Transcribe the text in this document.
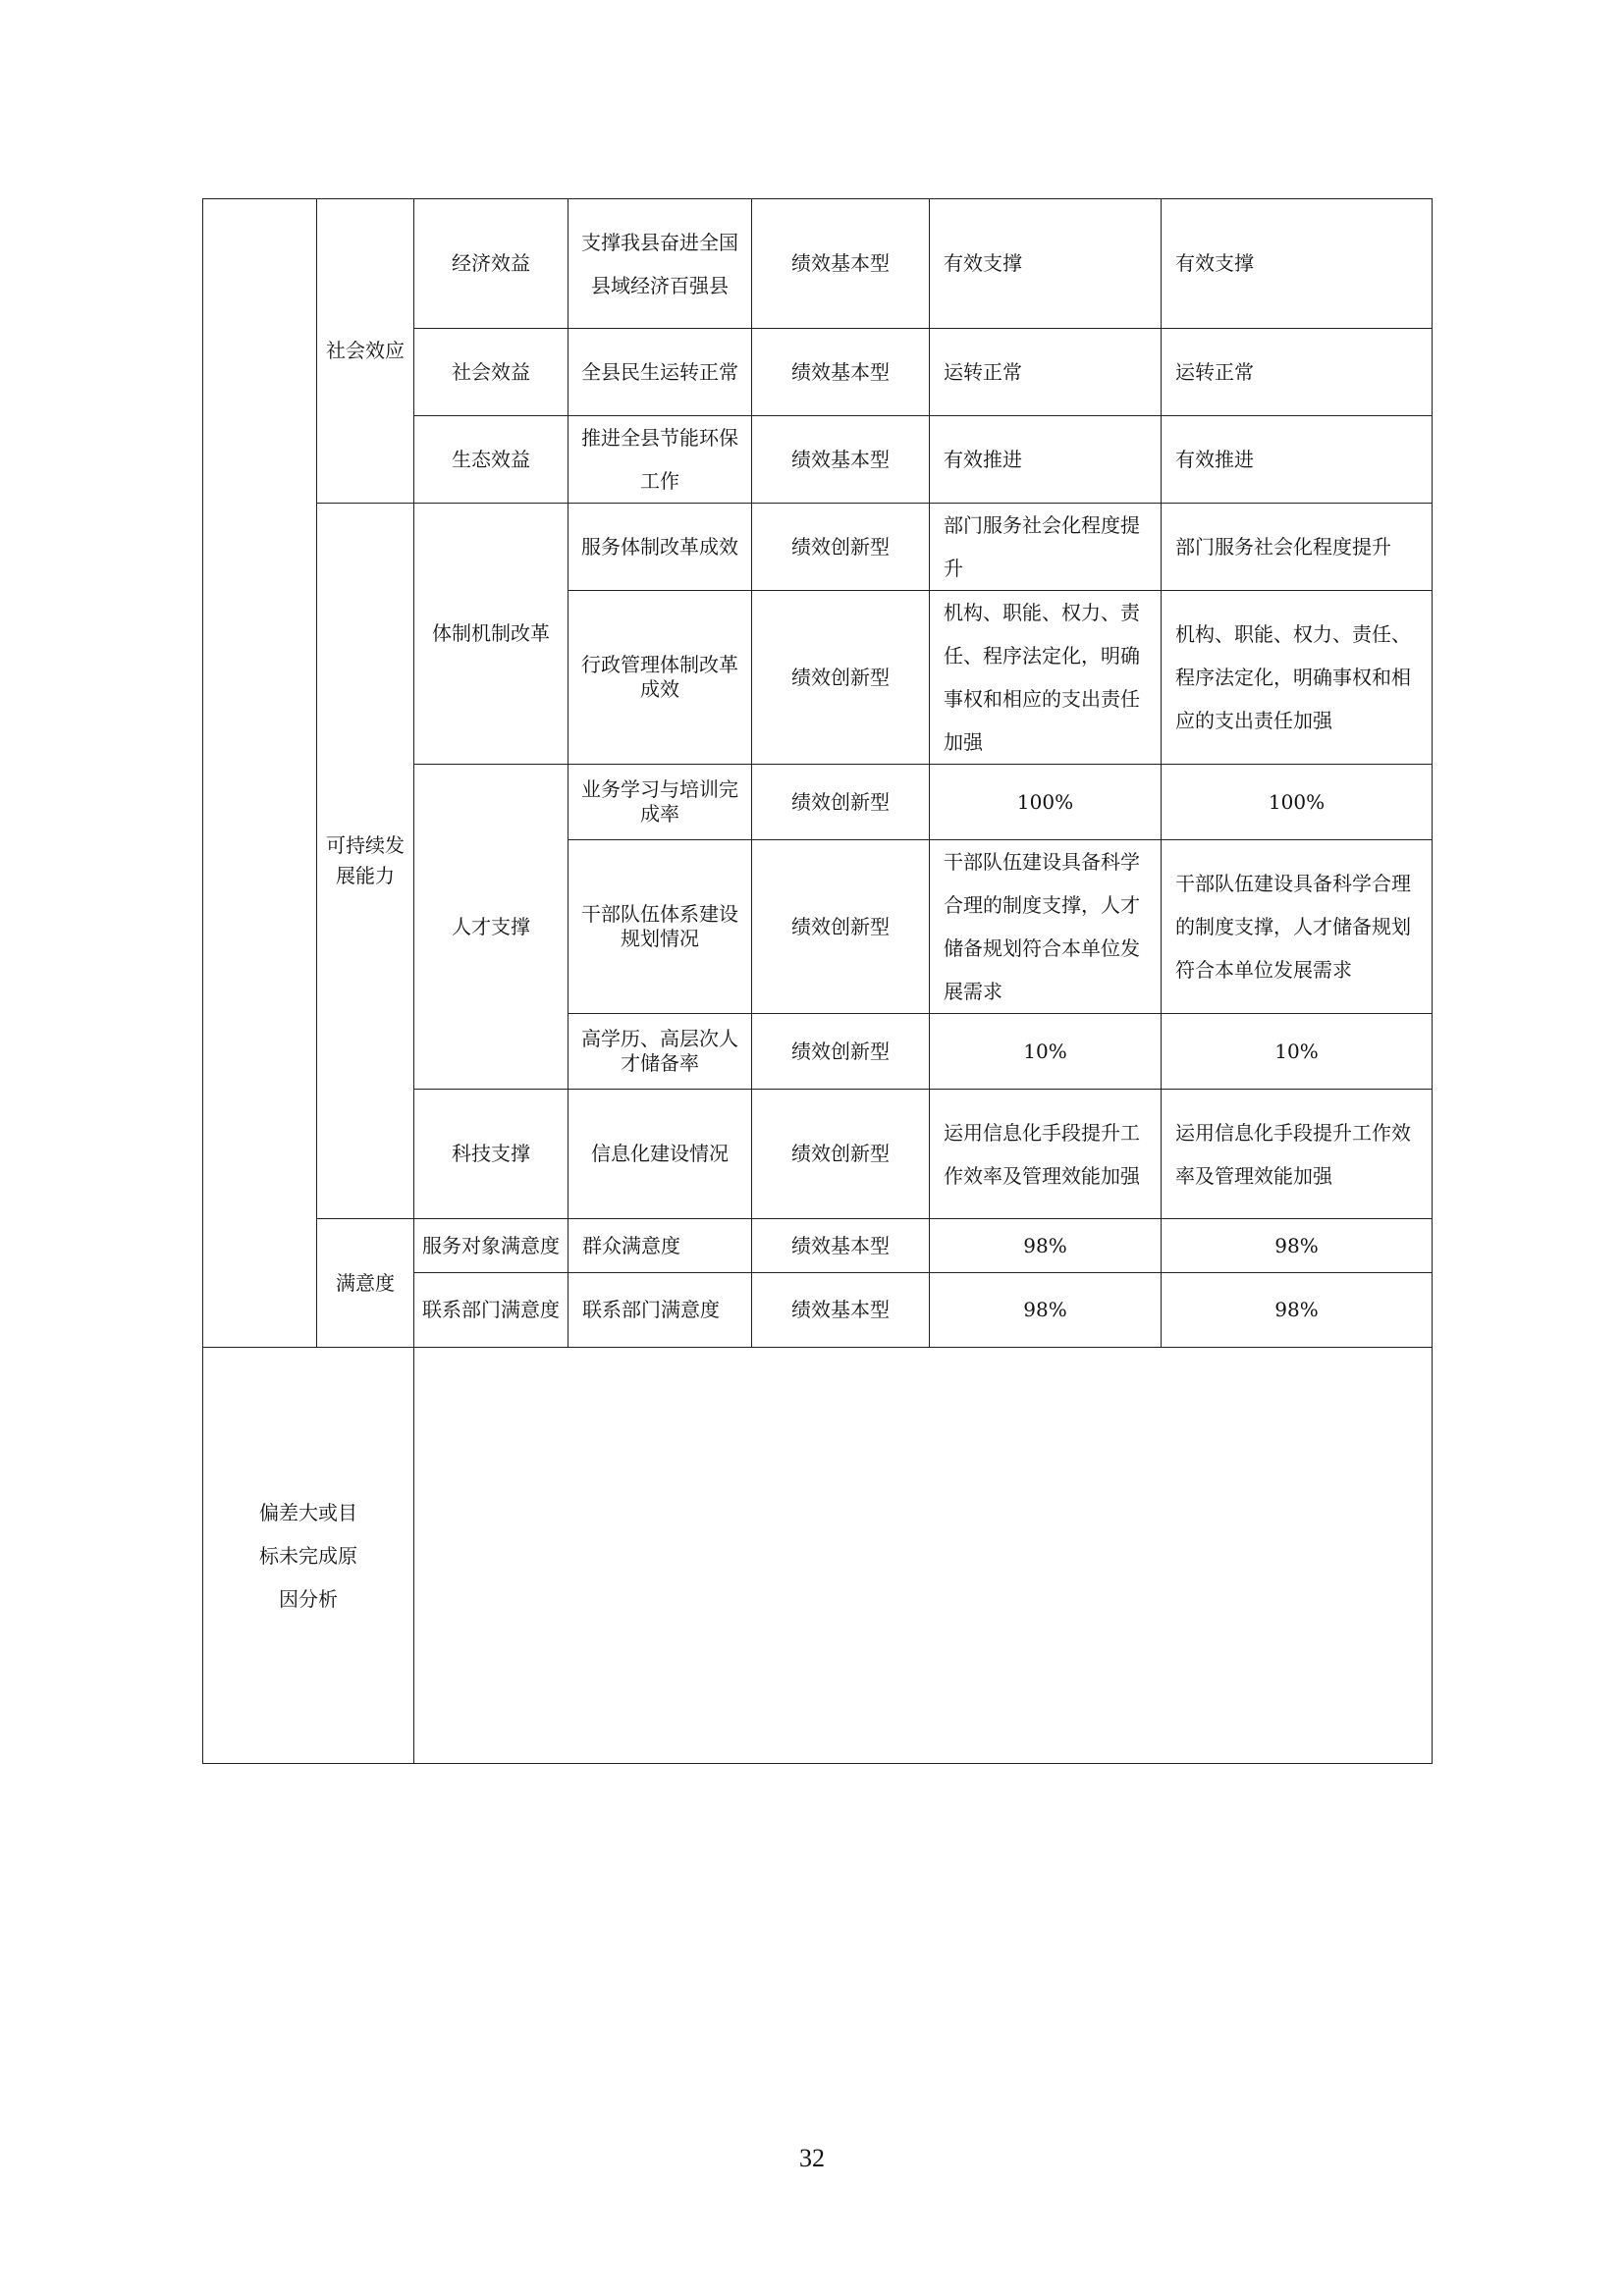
	社会效应	经济效益	支撑我县奋进全国县域经济百强县	绩效基本型	有效支撑	有效支撑
		社会效益	全县民生运转正常	绩效基本型	运转正常	运转正常
		生态效益	推进全县节能环保工作	绩效基本型	有效推进	有效推进
	可持续发展能力	体制机制改革	服务体制改革成效	绩效创新型	部门服务社会化程度提升	部门服务社会化程度提升
			行政管理体制改革成效	绩效创新型	机构、职能、权力、责任、程序法定化，明确事权和相应的支出责任加强	机构、职能、权力、责任、程序法定化，明确事权和相应的支出责任加强
		人才支撑	业务学习与培训完成率	绩效创新型	100%	100%
			干部队伍体系建设规划情况	绩效创新型	干部队伍建设具备科学合理的制度支撑，人才储备规划符合本单位发展需求	干部队伍建设具备科学合理的制度支撑，人才储备规划符合本单位发展需求
			高学历、高层次人才储备率	绩效创新型	10%	10%
		科技支撑	信息化建设情况	绩效创新型	运用信息化手段提升工作效率及管理效能加强	运用信息化手段提升工作效率及管理效能加强
	满意度	服务对象满意度	群众满意度	绩效基本型	98%	98%
		联系部门满意度	联系部门满意度	绩效基本型	98%	98%
偏差大或目标未完成原因分析						
32
